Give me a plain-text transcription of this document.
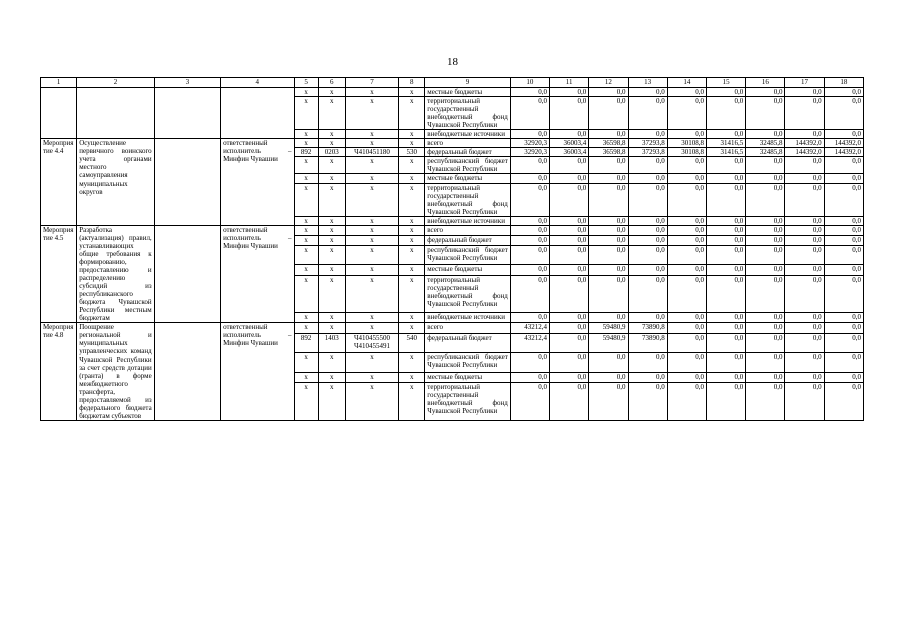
18
1	2	3	4	5	6	7	8	9	10	11	12	13	14	15	16	17	18
				x	x	x	x	местные бюджеты	0,0	0,0	0,0	0,0	0,0	0,0	0,0	0,0	0,0
				x	x	x	x	территориальный государственный внебюджетный фонд Чувашской Республики	0,0	0,0	0,0	0,0	0,0	0,0	0,0	0,0	0,0
				x	x	x	x	внебюджетные источники	0,0	0,0	0,0	0,0	0,0	0,0	0,0	0,0	0,0
Мероприятие 4.4	Осуществление первичного воинского учета органами местного самоуправления муниципальных округов		ответственный исполнитель – Минфин Чувашии	x	x	x	x	всего	32920,3	36003,4	36598,8	37293,8	30108,8	31416,5	32485,8	144392,0	144392,0
				892	0203	Ч410451180	530	федеральный бюджет	32920,3	36003,4	36598,8	37293,8	30108,8	31416,5	32485,8	144392,0	144392,0
				x	x	x	x	республиканский бюджет Чувашской Республики	0,0	0,0	0,0	0,0	0,0	0,0	0,0	0,0	0,0
				x	x	x	x	местные бюджеты	0,0	0,0	0,0	0,0	0,0	0,0	0,0	0,0	0,0
				x	x	x	x	территориальный государственный внебюджетный фонд Чувашской Республики	0,0	0,0	0,0	0,0	0,0	0,0	0,0	0,0	0,0
				x	x	x	x	внебюджетные источники	0,0	0,0	0,0	0,0	0,0	0,0	0,0	0,0	0,0
Мероприятие 4.5	Разработка (актуализация) правил, устанавливающих общие требования к формированию, предоставлению и распределению субсидий из республиканского бюджета Чувашской Республики местным бюджетам		ответственный исполнитель – Минфин Чувашии	x	x	x	x	всего	0,0	0,0	0,0	0,0	0,0	0,0	0,0	0,0	0,0
				x	x	x	x	федеральный бюджет	0,0	0,0	0,0	0,0	0,0	0,0	0,0	0,0	0,0
				x	x	x	x	республиканский бюджет Чувашской Республики	0,0	0,0	0,0	0,0	0,0	0,0	0,0	0,0	0,0
				x	x	x	x	местные бюджеты	0,0	0,0	0,0	0,0	0,0	0,0	0,0	0,0	0,0
				x	x	x	x	территориальный государственный внебюджетный фонд Чувашской Республики	0,0	0,0	0,0	0,0	0,0	0,0	0,0	0,0	0,0
				x	x	x	x	внебюджетные источники	0,0	0,0	0,0	0,0	0,0	0,0	0,0	0,0	0,0
Мероприятие 4.8	Поощрение региональной и муниципальных управленческих команд Чувашской Республики за счет средств дотации (гранта) в форме межбюджетного трансферта, предоставляемой из федерального бюджета бюджетам субъектов		ответственный исполнитель – Минфин Чувашии	x	x	x	x	всего	43212,4	0,0	59480,9	73890,8	0,0	0,0	0,0	0,0	0,0
				892	1403	Ч410455500 Ч410455491	540	федеральный бюджет	43212,4	0,0	59480,9	73890,8	0,0	0,0	0,0	0,0	0,0
				x	x	x	x	республиканский бюджет Чувашской Республики	0,0	0,0	0,0	0,0	0,0	0,0	0,0	0,0	0,0
				x	x	x	x	местные бюджеты	0,0	0,0	0,0	0,0	0,0	0,0	0,0	0,0	0,0
				x	x	x	x	территориальный государственный внебюджетный фонд Чувашской Республики	0,0	0,0	0,0	0,0	0,0	0,0	0,0	0,0	0,0
